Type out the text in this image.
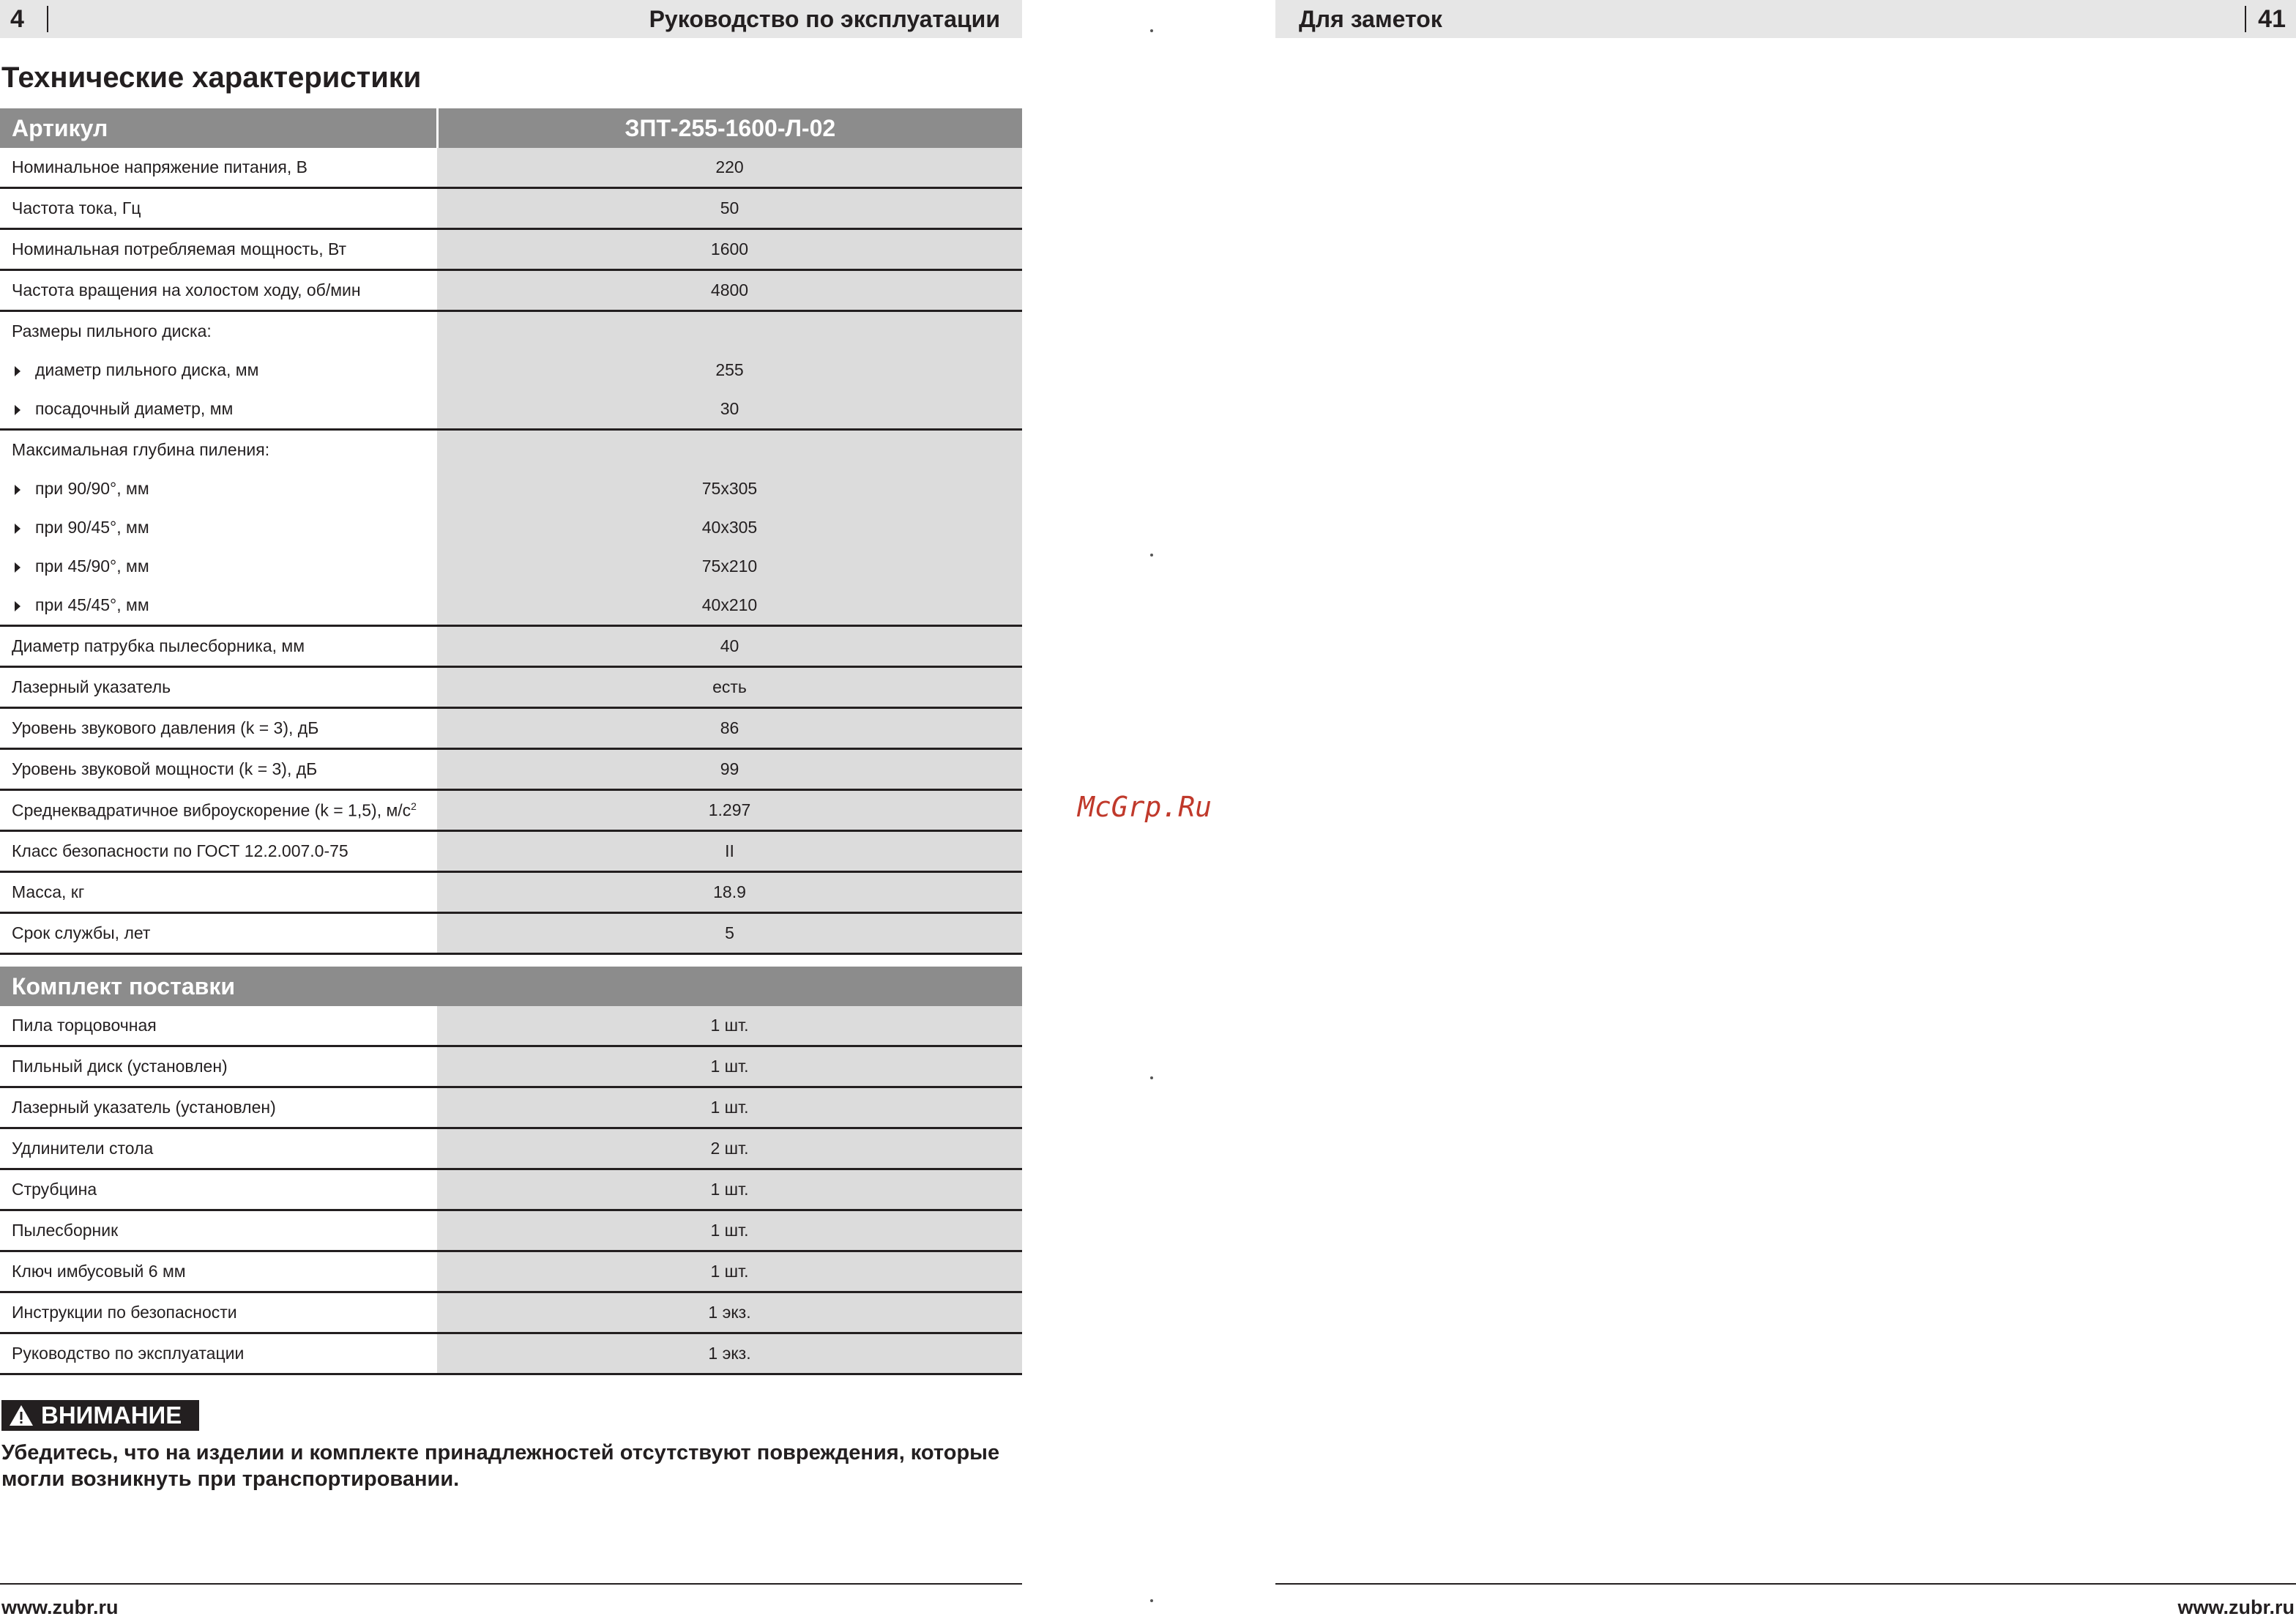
4	Руководство по эксплуатации
Технические характеристики
Артикул	ЗПТ-255-1600-Л-02
Номинальное напряжение питания, В	220
Частота тока, Гц	50
Номинальная потребляемая мощность, Вт	1600
Частота вращения на холостом ходу, об/мин	4800
Размеры пильного диска:	
диаметр пильного диска, мм	255
посадочный диаметр, мм	30
Максимальная глубина пиления:	
при 90/90°, мм	75x305
при 90/45°, мм	40x305
при 45/90°, мм	75x210
при 45/45°, мм	40x210
Диаметр патрубка пылесборника, мм	40
Лазерный указатель	есть
Уровень звукового давления (k = 3), дБ	86
Уровень звуковой мощности (k = 3), дБ	99
Среднеквадратичное виброускорение (k = 1,5), $м/с^2$	1.297
Класс безопасности по ГОСТ 12.2.007.0-75	II
Масса, кг	18.9
Срок службы, лет	5
Комплект поставки	
Пила торцовочная	1 шт.
Пильный диск (установлен)	1 шт.
Лазерный указатель (установлен)	1 шт.
Удлинители стола	2 шт.
Струбцина	1 шт.
Пылесборник	1 шт.
Ключ имбусовый 6 мм	1 шт.
Инструкции по безопасности	1 экз.
Руководство по эксплуатации	1 экз.
ВНИМАНИЕ

Убедитесь, что на изделии и комплекте принадлежностей отсутствуют повреждения, которые могли возникнуть при транспортировании.

www.zubr.ru
McGrp.Ru
Для заметок	41
www.zubr.ru
